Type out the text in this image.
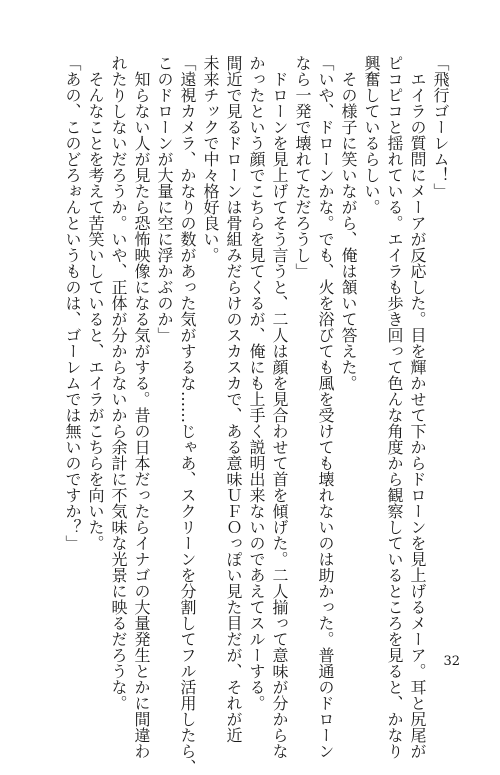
「飛行ゴーレム！」
　エイラの質問にメーアが反応した。目を輝かせて下からドローンを見上げるメーア。耳と尻尾が
ピコピコと揺れている。エイラも歩き回って色んな角度から観察しているところを見ると、かなり
興奮しているらしい。
　その様子に笑いながら、俺は頷いて答えた。
「いや、ドローンかな。でも、火を浴びても風を受けても壊れないのは助かった。普通のドローン
なら一発で壊れてただろうし」
　ドローンを見上げてそう言うと、二人は顔を見合わせて首を傾げた。二人揃って意味が分からな
かったという顔でこちらを見てくるが、俺にも上手く説明出来ないのであえてスルーする。
間近で見るドローンは骨組みだらけのスカスカで、ある意味ＵＦＯっぽい見た目だが、それが近
未来チックで中々格好良い。
「遠視カメラ、かなりの数があった気がするな……じゃあ、スクリーンを分割してフル活用したら、
このドローンが大量に空に浮かぶのか」
　知らない人が見たら恐怖映像になる気がする。昔の日本だったらイナゴの大量発生とかに間違わ
れたりしないだろうか。いや、正体が分からないから余計に不気味な光景に映るだろうな。
　そんなことを考えて苦笑いしていると、エイラがこちらを向いた。
「あの、このどろぉんというものは、ゴーレムでは無いのですか？」
32
